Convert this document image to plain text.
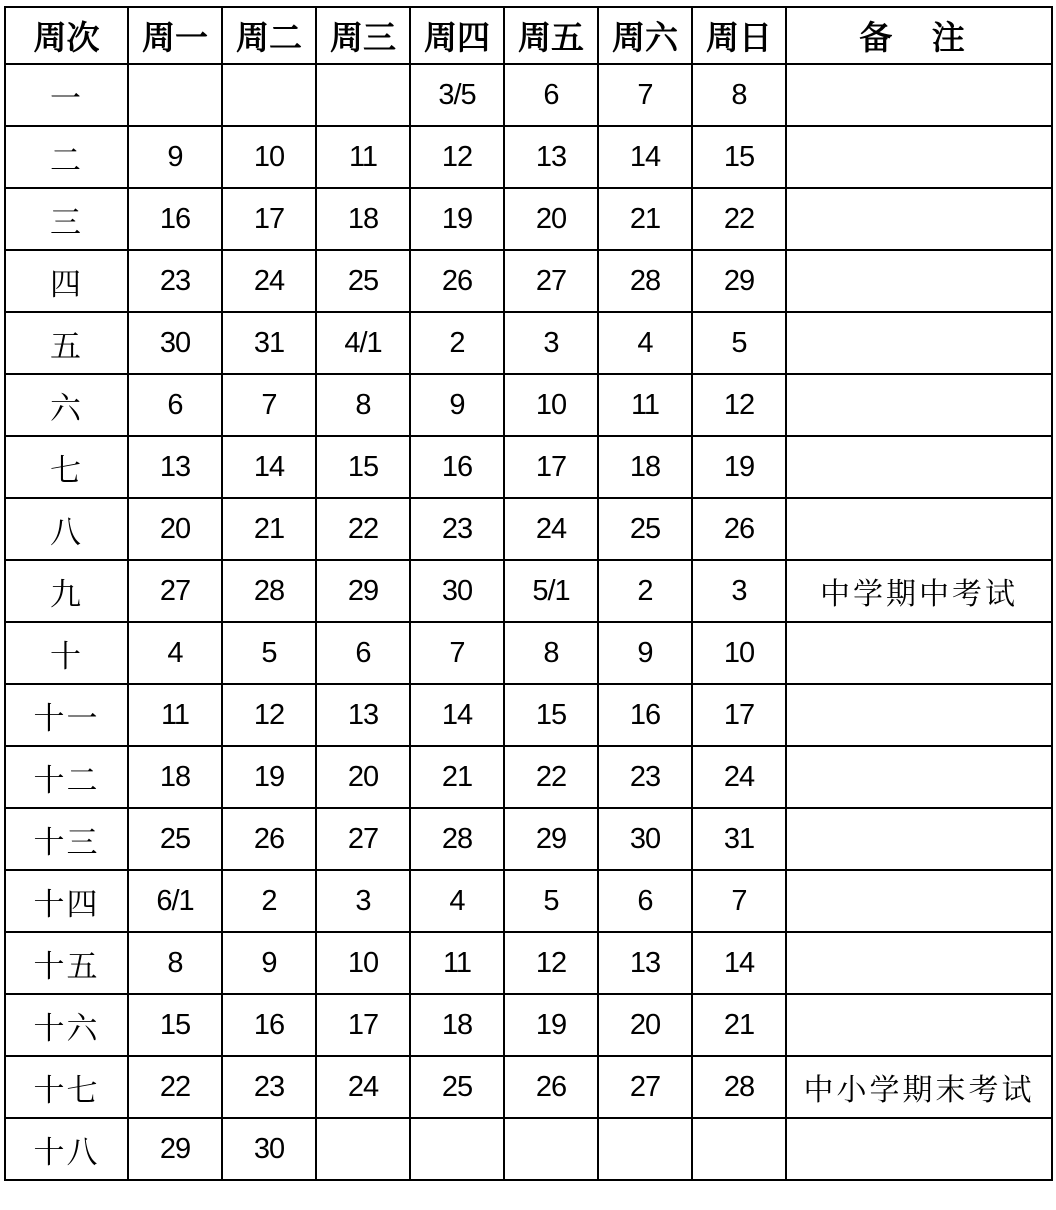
周次	周一	周二	周三	周四	周五	周六	周日	备 注
一				3/5	6	7	8	
二	9	10	11	12	13	14	15	
三	16	17	18	19	20	21	22	
四	23	24	25	26	27	28	29	
五	30	31	4/1	2	3	4	5	
六	6	7	8	9	10	11	12	
七	13	14	15	16	17	18	19	
八	20	21	22	23	24	25	26	
九	27	28	29	30	5/1	2	3	中学期中考试
十	4	5	6	7	8	9	10	
十一	11	12	13	14	15	16	17	
十二	18	19	20	21	22	23	24	
十三	25	26	27	28	29	30	31	
十四	6/1	2	3	4	5	6	7	
十五	8	9	10	11	12	13	14	
十六	15	16	17	18	19	20	21	
十七	22	23	24	25	26	27	28	中小学期末考试
十八	29	30						
